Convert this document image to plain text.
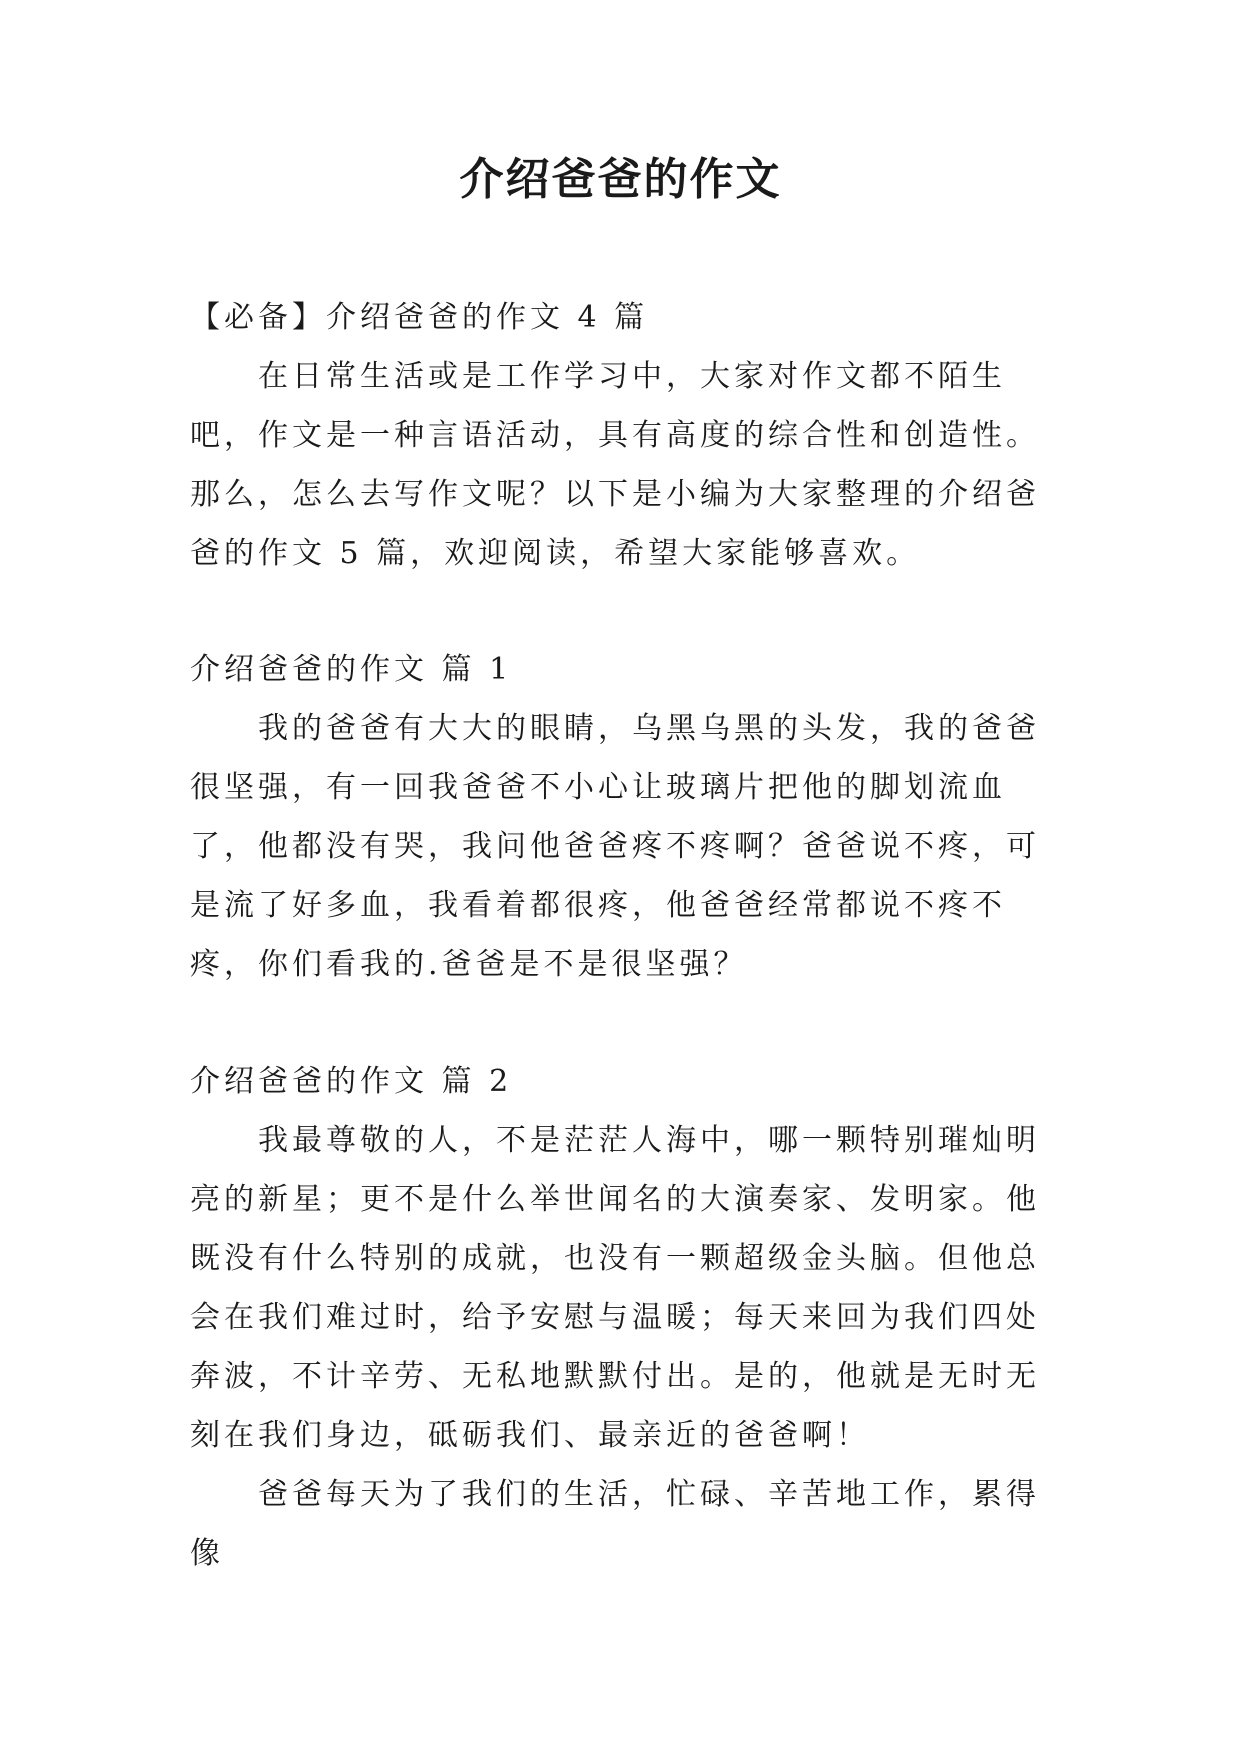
介绍爸爸的作文

【必备】介绍爸爸的作文 4 篇

在日常生活或是工作学习中，大家对作文都不陌生吧，作文是一种言语活动，具有高度的综合性和创造性。那么，怎么去写作文呢？以下是小编为大家整理的介绍爸爸的作文 5 篇，欢迎阅读，希望大家能够喜欢。

介绍爸爸的作文 篇 1

我的爸爸有大大的眼睛，乌黑乌黑的头发，我的爸爸很坚强，有一回我爸爸不小心让玻璃片把他的脚划流血了，他都没有哭，我问他爸爸疼不疼啊？爸爸说不疼，可是流了好多血，我看着都很疼，他爸爸经常都说不疼不疼，你们看我的.爸爸是不是很坚强？

介绍爸爸的作文 篇 2

我最尊敬的人，不是茫茫人海中，哪一颗特别璀灿明亮的新星；更不是什么举世闻名的大演奏家、发明家。他既没有什么特别的成就，也没有一颗超级金头脑。但他总会在我们难过时，给予安慰与温暖；每天来回为我们四处奔波，不计辛劳、无私地默默付出。是的，他就是无时无刻在我们身边，砥砺我们、最亲近的爸爸啊！

爸爸每天为了我们的生活，忙碌、辛苦地工作，累得像
